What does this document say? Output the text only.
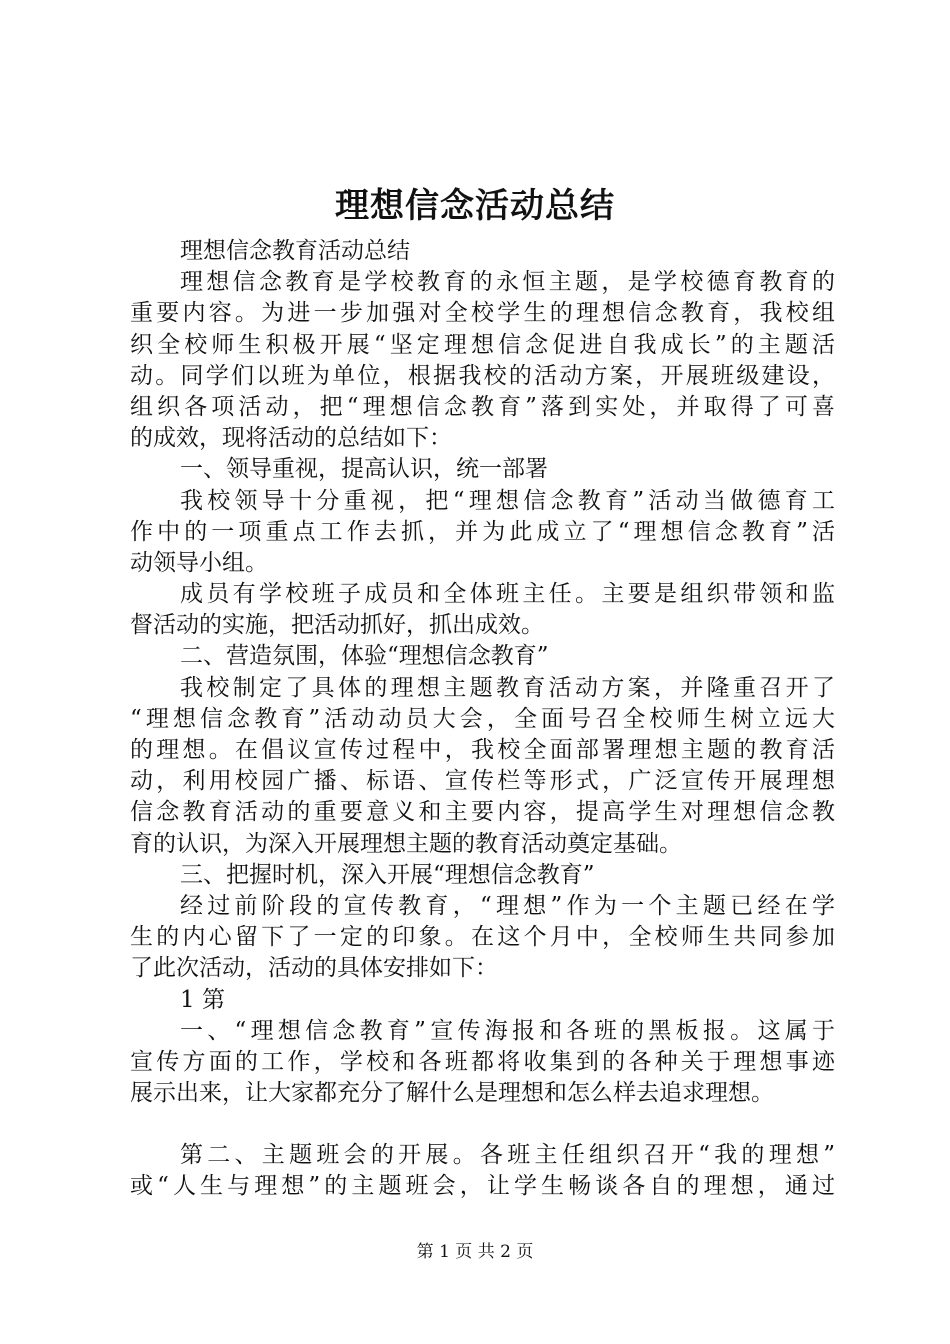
理想信念活动总结
理想信念教育活动总结
理想信念教育是学校教育的永恒主题，是学校德育教育的
重要内容。为进一步加强对全校学生的理想信念教育，我校组
织全校师生积极开展“坚定理想信念促进自我成长”的主题活
动。同学们以班为单位，根据我校的活动方案，开展班级建设，
组织各项活动，把“理想信念教育”落到实处，并取得了可喜
的成效，现将活动的总结如下：
一、领导重视，提高认识，统一部署
我校领导十分重视，把“理想信念教育”活动当做德育工
作中的一项重点工作去抓，并为此成立了“理想信念教育”活
动领导小组。
成员有学校班子成员和全体班主任。主要是组织带领和监
督活动的实施，把活动抓好，抓出成效。
二、营造氛围，体验“理想信念教育”
我校制定了具体的理想主题教育活动方案，并隆重召开了
“理想信念教育”活动动员大会，全面号召全校师生树立远大
的理想。在倡议宣传过程中，我校全面部署理想主题的教育活
动，利用校园广播、标语、宣传栏等形式，广泛宣传开展理想
信念教育活动的重要意义和主要内容，提高学生对理想信念教
育的认识，为深入开展理想主题的教育活动奠定基础。
三、把握时机，深入开展“理想信念教育”
经过前阶段的宣传教育，“理想”作为一个主题已经在学
生的内心留下了一定的印象。在这个月中，全校师生共同参加
了此次活动，活动的具体安排如下：
1 第
一、“理想信念教育”宣传海报和各班的黑板报。这属于
宣传方面的工作，学校和各班都将收集到的各种关于理想事迹
展示出来，让大家都充分了解什么是理想和怎么样去追求理想。
第二、主题班会的开展。各班主任组织召开“我的理想”
或“人生与理想”的主题班会，让学生畅谈各自的理想，通过
第 1 页 共 2 页
